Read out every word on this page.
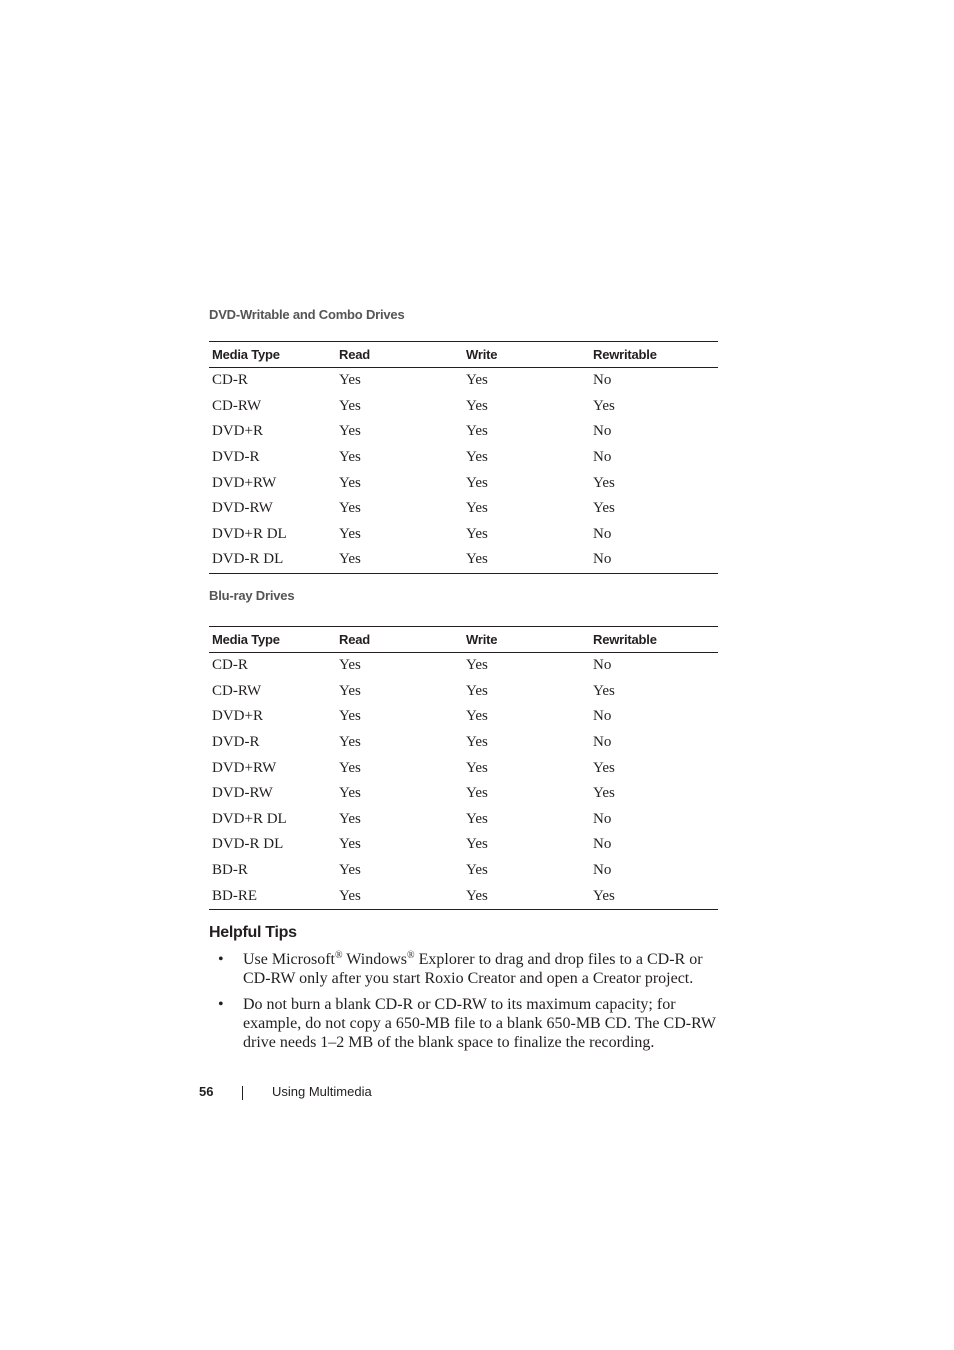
DVD-Writable and Combo Drives
Media Type	Read	Write	Rewritable
CD-R	Yes	Yes	No
CD-RW	Yes	Yes	Yes
DVD+R	Yes	Yes	No
DVD-R	Yes	Yes	No
DVD+RW	Yes	Yes	Yes
DVD-RW	Yes	Yes	Yes
DVD+R DL	Yes	Yes	No
DVD-R DL	Yes	Yes	No
Blu-ray Drives
Media Type	Read	Write	Rewritable
CD-R	Yes	Yes	No
CD-RW	Yes	Yes	Yes
DVD+R	Yes	Yes	No
DVD-R	Yes	Yes	No
DVD+RW	Yes	Yes	Yes
DVD-RW	Yes	Yes	Yes
DVD+R DL	Yes	Yes	No
DVD-R DL	Yes	Yes	No
BD-R	Yes	Yes	No
BD-RE	Yes	Yes	Yes
Helpful Tips
• Use Microsoft® Windows® Explorer to drag and drop files to a CD-R or CD-RW only after you start Roxio Creator and open a Creator project.
• Do not burn a blank CD-R or CD-RW to its maximum capacity; for example, do not copy a 650-MB file to a blank 650-MB CD. The CD-RW drive needs 1–2 MB of the blank space to finalize the recording.
56	Using Multimedia
